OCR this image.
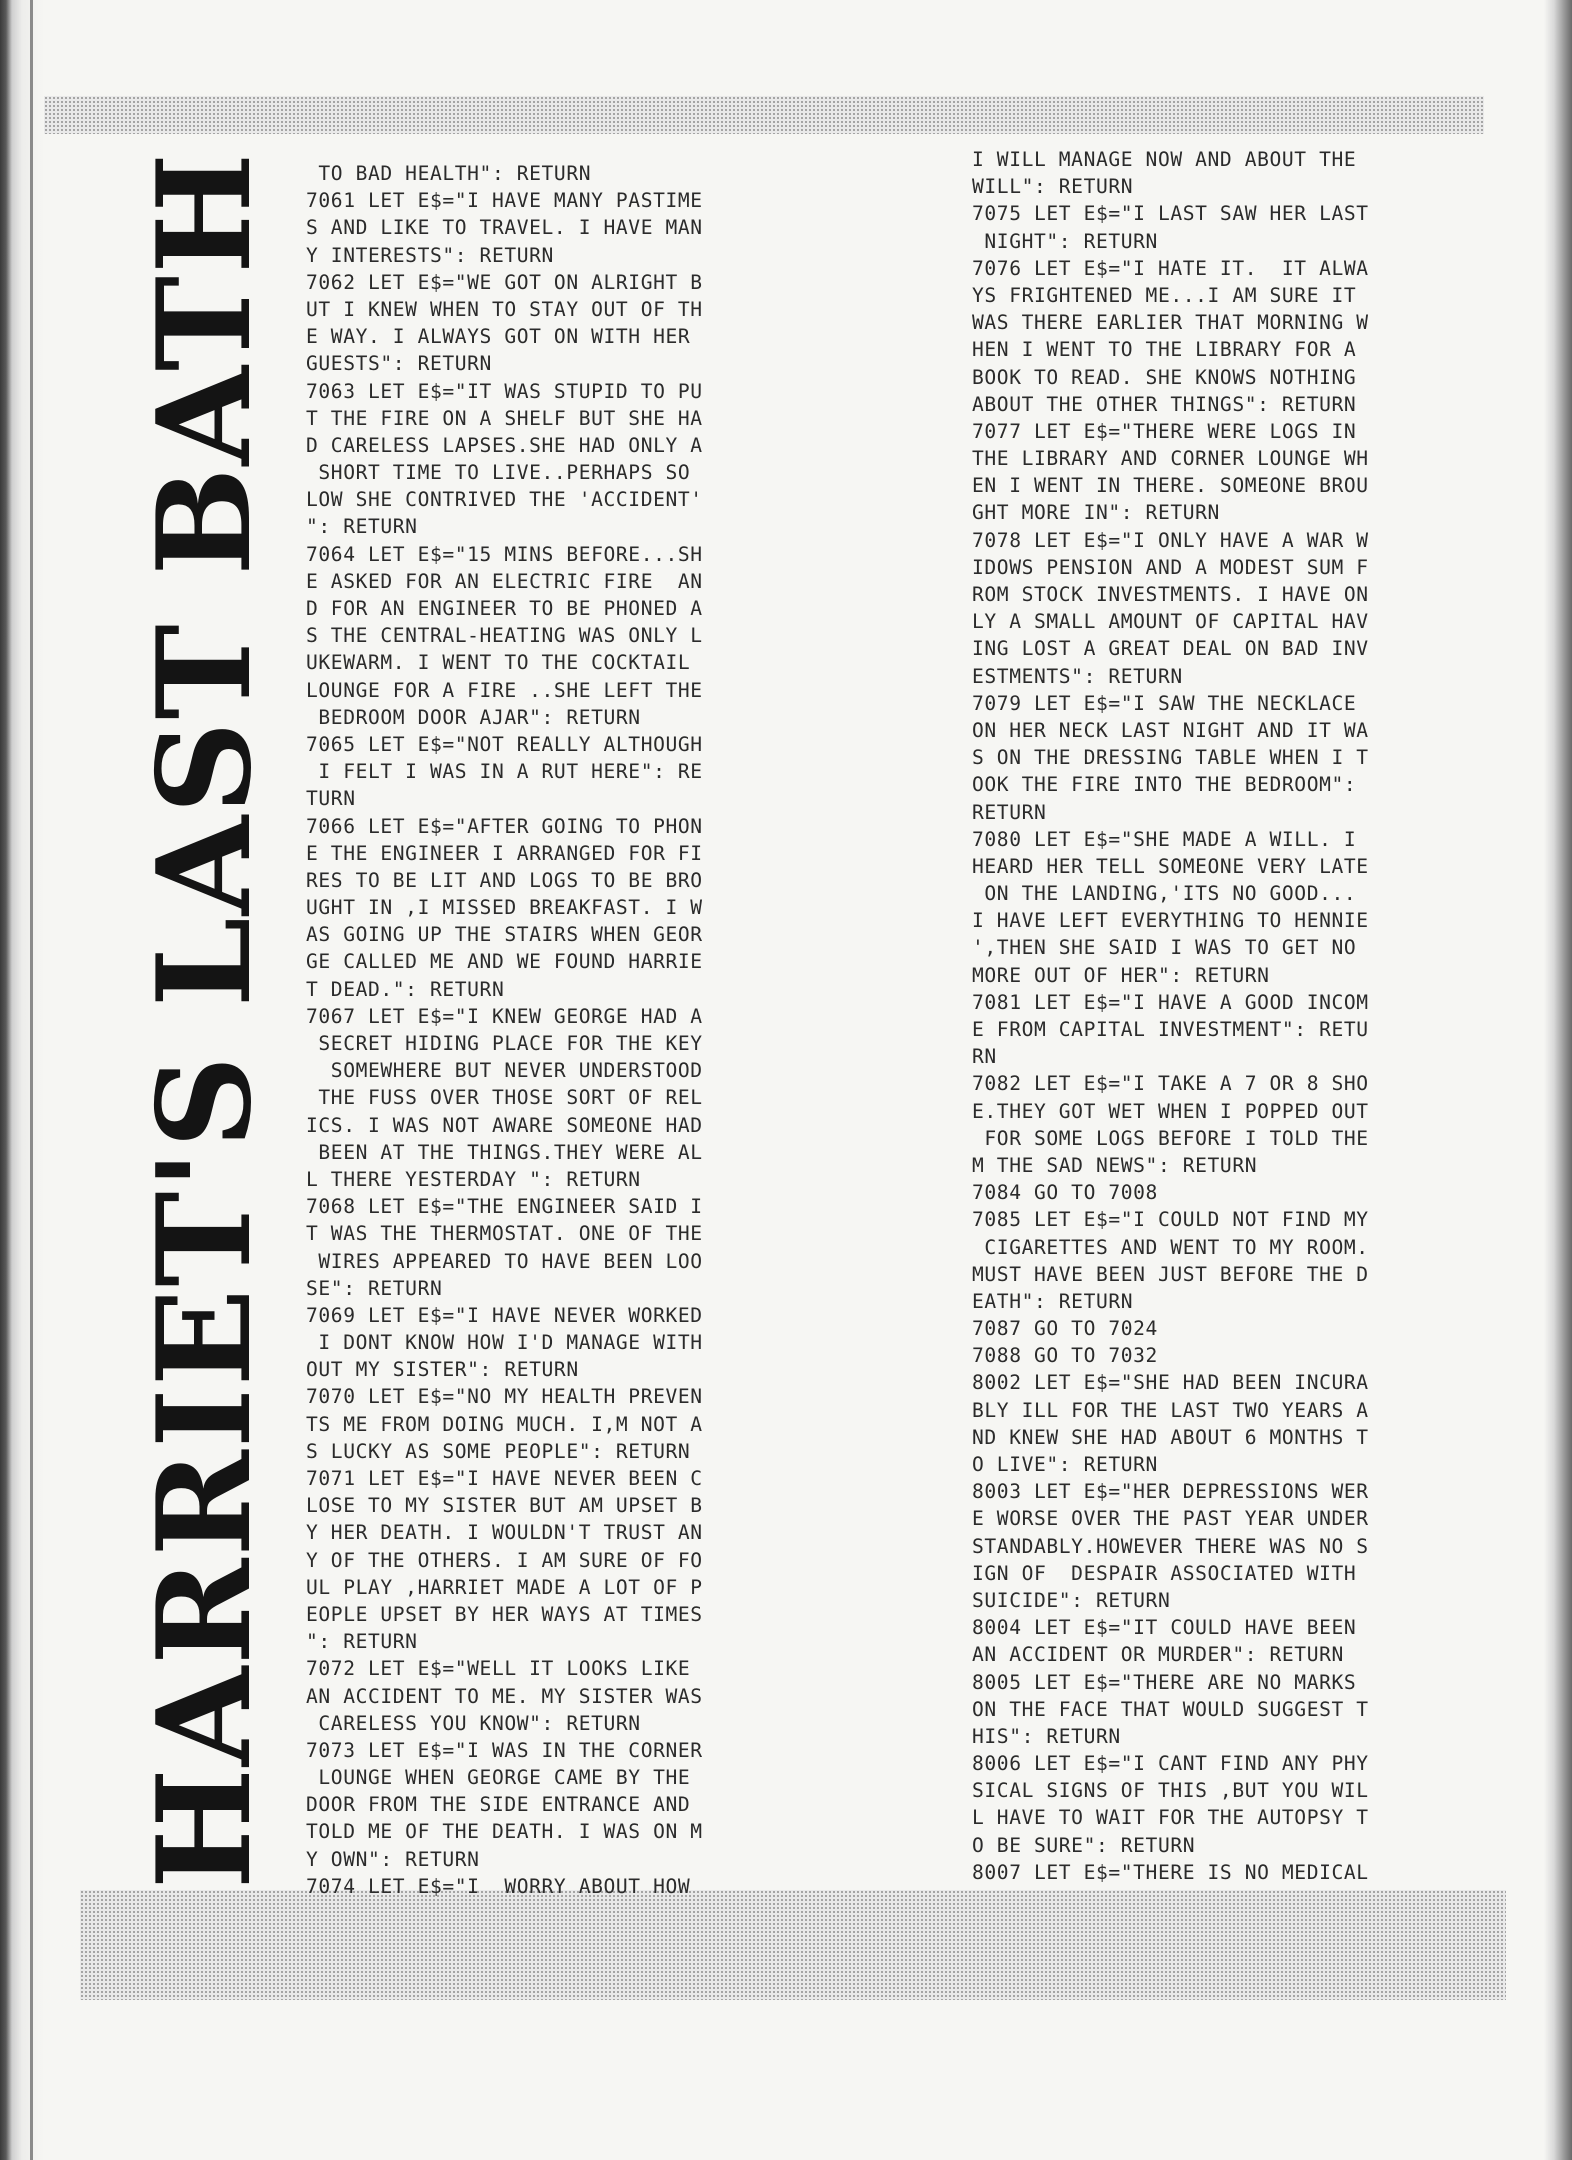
HARRIET'S LAST BATH TO BAD HEALTH": RETURN
7061 LET E$="I HAVE MANY PASTIME
S AND LIKE TO TRAVEL. I HAVE MAN
Y INTERESTS": RETURN
7062 LET E$="WE GOT ON ALRIGHT B
UT I KNEW WHEN TO STAY OUT OF TH
E WAY. I ALWAYS GOT ON WITH HER
GUESTS": RETURN
7063 LET E$="IT WAS STUPID TO PU
T THE FIRE ON A SHELF BUT SHE HA
D CARELESS LAPSES.SHE HAD ONLY A
SHORT TIME TO LIVE..PERHAPS SO
LOW SHE CONTRIVED THE 'ACCIDENT'
": RETURN
7064 LET E$="15 MINS BEFORE...SH
E ASKED FOR AN ELECTRIC FIRE  AN
D FOR AN ENGINEER TO BE PHONED A
S THE CENTRAL-HEATING WAS ONLY L
UKEWARM. I WENT TO THE COCKTAIL
LOUNGE FOR A FIRE ..SHE LEFT THE
BEDROOM DOOR AJAR": RETURN
7065 LET E$="NOT REALLY ALTHOUGH
I FELT I WAS IN A RUT HERE": RE
TURN
7066 LET E$="AFTER GOING TO PHON
E THE ENGINEER I ARRANGED FOR FI
RES TO BE LIT AND LOGS TO BE BRO
UGHT IN ,I MISSED BREAKFAST. I W
AS GOING UP THE STAIRS WHEN GEOR
GE CALLED ME AND WE FOUND HARRIE
T DEAD.": RETURN
7067 LET E$="I KNEW GEORGE HAD A
SECRET HIDING PLACE FOR THE KEY
SOMEWHERE BUT NEVER UNDERSTOOD
THE FUSS OVER THOSE SORT OF REL
ICS. I WAS NOT AWARE SOMEONE HAD
BEEN AT THE THINGS.THEY WERE AL
L THERE YESTERDAY ": RETURN
7068 LET E$="THE ENGINEER SAID I
T WAS THE THERMOSTAT. ONE OF THE
WIRES APPEARED TO HAVE BEEN LOO
SE": RETURN
7069 LET E$="I HAVE NEVER WORKED
I DONT KNOW HOW I'D MANAGE WITH
OUT MY SISTER": RETURN
7070 LET E$="NO MY HEALTH PREVEN
TS ME FROM DOING MUCH. I,M NOT A
S LUCKY AS SOME PEOPLE": RETURN
7071 LET E$="I HAVE NEVER BEEN C
LOSE TO MY SISTER BUT AM UPSET B
Y HER DEATH. I WOULDN'T TRUST AN
Y OF THE OTHERS. I AM SURE OF FO
UL PLAY ,HARRIET MADE A LOT OF P
EOPLE UPSET BY HER WAYS AT TIMES
": RETURN
7072 LET E$="WELL IT LOOKS LIKE
AN ACCIDENT TO ME. MY SISTER WAS
CARELESS YOU KNOW": RETURN
7073 LET E$="I WAS IN THE CORNER
LOUNGE WHEN GEORGE CAME BY THE
DOOR FROM THE SIDE ENTRANCE AND
TOLD ME OF THE DEATH. I WAS ON M
Y OWN": RETURN
7074 LET E$="I  WORRY ABOUT HOW
I WILL MANAGE NOW AND ABOUT THE
WILL": RETURN
7075 LET E$="I LAST SAW HER LAST
NIGHT": RETURN
7076 LET E$="I HATE IT.  IT ALWA
YS FRIGHTENED ME...I AM SURE IT
WAS THERE EARLIER THAT MORNING W
HEN I WENT TO THE LIBRARY FOR A
BOOK TO READ. SHE KNOWS NOTHING
ABOUT THE OTHER THINGS": RETURN
7077 LET E$="THERE WERE LOGS IN
THE LIBRARY AND CORNER LOUNGE WH
EN I WENT IN THERE. SOMEONE BROU
GHT MORE IN": RETURN
7078 LET E$="I ONLY HAVE A WAR W
IDOWS PENSION AND A MODEST SUM F
ROM STOCK INVESTMENTS. I HAVE ON
LY A SMALL AMOUNT OF CAPITAL HAV
ING LOST A GREAT DEAL ON BAD INV
ESTMENTS": RETURN
7079 LET E$="I SAW THE NECKLACE
ON HER NECK LAST NIGHT AND IT WA
S ON THE DRESSING TABLE WHEN I T
OOK THE FIRE INTO THE BEDROOM":
RETURN
7080 LET E$="SHE MADE A WILL. I
HEARD HER TELL SOMEONE VERY LATE
ON THE LANDING,'ITS NO GOOD...
I HAVE LEFT EVERYTHING TO HENNIE
',THEN SHE SAID I WAS TO GET NO
MORE OUT OF HER": RETURN
7081 LET E$="I HAVE A GOOD INCOM
E FROM CAPITAL INVESTMENT": RETU
RN
7082 LET E$="I TAKE A 7 OR 8 SHO
E.THEY GOT WET WHEN I POPPED OUT
FOR SOME LOGS BEFORE I TOLD THE
M THE SAD NEWS": RETURN
7084 GO TO 7008
7085 LET E$="I COULD NOT FIND MY
CIGARETTES AND WENT TO MY ROOM.
MUST HAVE BEEN JUST BEFORE THE D
EATH": RETURN
7087 GO TO 7024
7088 GO TO 7032
8002 LET E$="SHE HAD BEEN INCURA
BLY ILL FOR THE LAST TWO YEARS A
ND KNEW SHE HAD ABOUT 6 MONTHS T
O LIVE": RETURN
8003 LET E$="HER DEPRESSIONS WER
E WORSE OVER THE PAST YEAR UNDER
STANDABLY.HOWEVER THERE WAS NO S
IGN OF  DESPAIR ASSOCIATED WITH
SUICIDE": RETURN
8004 LET E$="IT COULD HAVE BEEN
AN ACCIDENT OR MURDER": RETURN
8005 LET E$="THERE ARE NO MARKS
ON THE FACE THAT WOULD SUGGEST T
HIS": RETURN
8006 LET E$="I CANT FIND ANY PHY
SICAL SIGNS OF THIS ,BUT YOU WIL
L HAVE TO WAIT FOR THE AUTOPSY T
O BE SURE": RETURN
8007 LET E$="THERE IS NO MEDICAL
